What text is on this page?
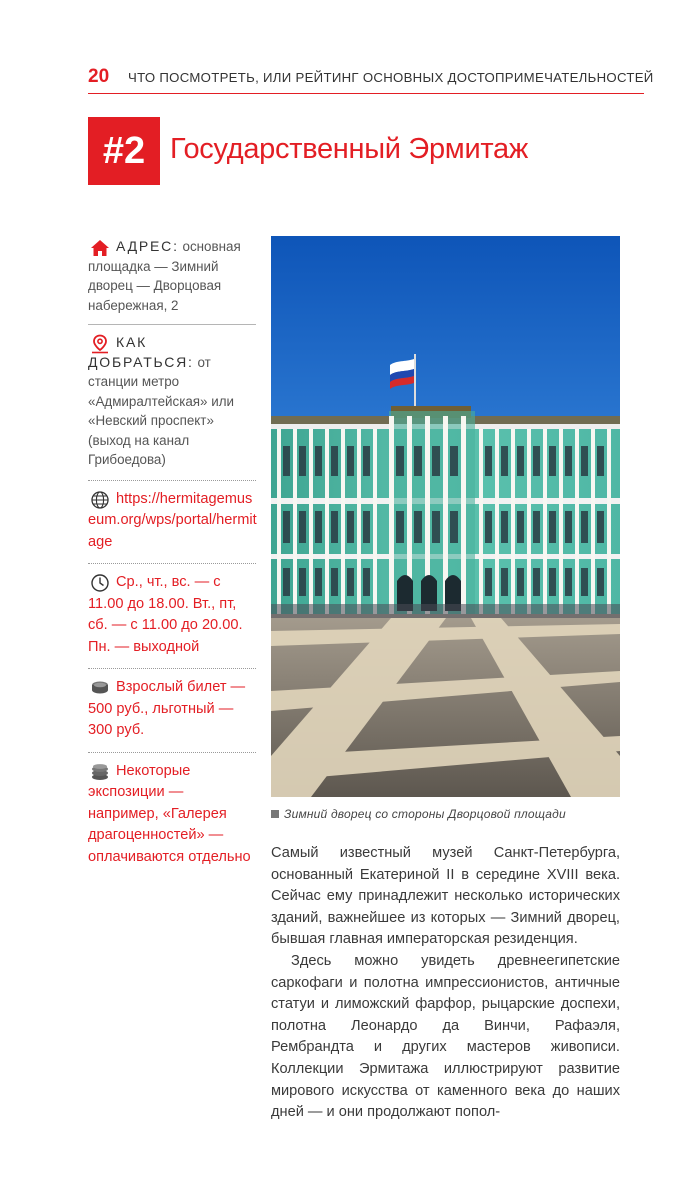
20 ЧТО ПОСМОТРЕТЬ, ИЛИ РЕЙТИНГ ОСНОВНЫХ ДОСТОПРИМЕЧАТЕЛЬНОСТЕЙ
#2 Государственный Эрмитаж
АДРЕС: основная площадка — Зимний дворец — Дворцовая набережная, 2
КАК ДОБРАТЬСЯ: от станции метро «Адмиралтейская» или «Невский проспект» (выход на канал Грибоедова)
https://hermitagemuseum.org/wps/portal/hermitage
Ср., чт., вс. — с 11.00 до 18.00. Вт., пт, сб. — с 11.00 до 20.00. Пн. — выходной
Взрослый билет — 500 руб., льготный — 300 руб.
Некоторые экспозиции — например, «Галерея драгоценностей» — оплачиваются отдельно
Зимний дворец со стороны Дворцовой площади

Самый известный музей Санкт-Петербурга, основанный Екатериной II в середине XVIII века. Сейчас ему принадлежит несколько исторических зданий, важнейшее из которых — Зимний дворец, бывшая главная императорская резиденция.

Здесь можно увидеть древнеегипетские саркофаги и полотна импрессионистов, античные статуи и лиможский фарфор, рыцарские доспехи, полотна Леонардо да Винчи, Рафаэля, Рембрандта и других мастеров живописи. Коллекции Эрмитажа иллюстрируют развитие мирового искусства от каменного века до наших дней — и они продолжают попол-
